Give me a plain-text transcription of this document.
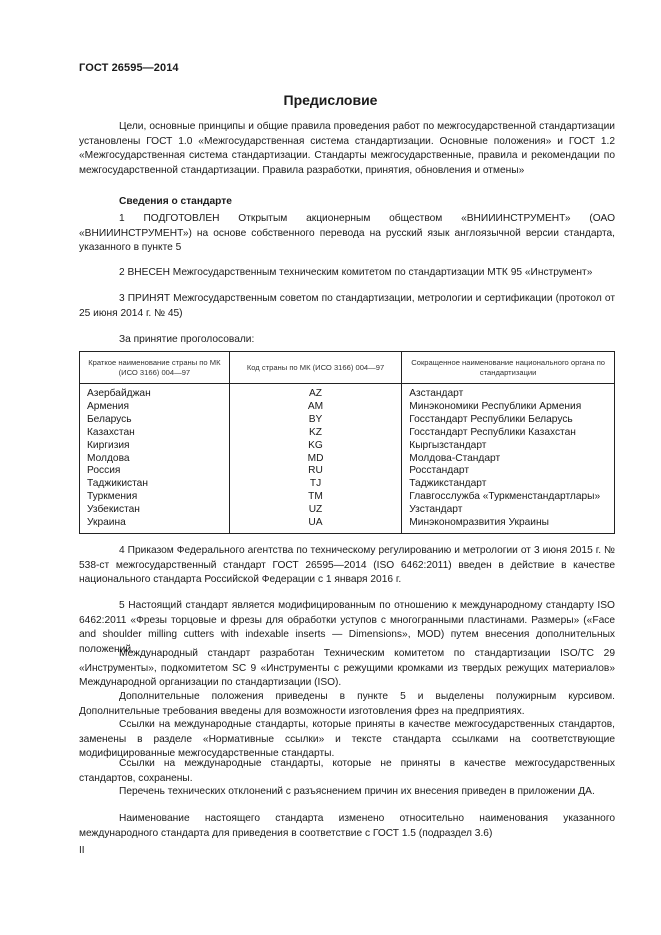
ГОСТ 26595—2014
Предисловие

Цели, основные принципы и общие правила проведения работ по межгосударственной стандартизации установлены ГОСТ 1.0 «Межгосударственная система стандартизации. Основные положения» и ГОСТ 1.2 «Межгосударственная система стандартизации. Стандарты межгосударственные, правила и рекомендации по межгосударственной стандартизации. Правила разработки, принятия, обновления и отмены»

Сведения о стандарте

1 ПОДГОТОВЛЕН Открытым акционерным обществом «ВНИИИНСТРУМЕНТ» (ОАО «ВНИИИНСТРУМЕНТ») на основе собственного перевода на русский язык англоязычной версии стандарта, указанного в пункте 5

2 ВНЕСЕН Межгосударственным техническим комитетом по стандартизации МТК 95 «Инструмент»

3 ПРИНЯТ Межгосударственным советом по стандартизации, метрологии и сертификации (протокол от 25 июня 2014 г. № 45)

За принятие проголосовали:

Краткое наименование страны по МК (ИСО 3166) 004—97	Код страны по МК (ИСО 3166) 004—97	Сокращенное наименование национального органа по стандартизации
Азербайджан	AZ	Азстандарт
Армения	AM	Минэкономики Республики Армения
Беларусь	BY	Госстандарт Республики Беларусь
Казахстан	KZ	Госстандарт Республики Казахстан
Киргизия	KG	Кыргызстандарт
Молдова	MD	Молдова-Стандарт
Россия	RU	Росстандарт
Таджикистан	TJ	Таджикстандарт
Туркмения	TM	Главгосслужба «Туркменстандартлары»
Узбекистан	UZ	Узстандарт
Украина	UA	Минэкономразвития Украины

4 Приказом Федерального агентства по техническому регулированию и метрологии от 3 июня 2015 г. № 538-ст межгосударственный стандарт ГОСТ 26595—2014 (ISO 6462:2011) введен в действие в качестве национального стандарта Российской Федерации с 1 января 2016 г.

5 Настоящий стандарт является модифицированным по отношению к международному стандарту ISO 6462:2011 «Фрезы торцовые и фрезы для обработки уступов с многогранными пластинами. Размеры» («Face and shoulder milling cutters with indexable inserts — Dimensions», MOD) путем внесения дополнительных положений.

Международный стандарт разработан Техническим комитетом по стандартизации ISO/TC 29 «Инструменты», подкомитетом SC 9 «Инструменты с режущими кромками из твердых режущих материалов» Международной организации по стандартизации (ISO).

Дополнительные положения приведены в пункте 5 и выделены полужирным курсивом. Дополнительные требования введены для возможности изготовления фрез на предприятиях.

Ссылки на международные стандарты, которые приняты в качестве межгосударственных стандартов, заменены в разделе «Нормативные ссылки» и тексте стандарта ссылками на соответствующие модифицированные межгосударственные стандарты.

Ссылки на международные стандарты, которые не приняты в качестве межгосударственных стандартов, сохранены.

Перечень технических отклонений с разъяснением причин их внесения приведен в приложении ДА.

Наименование настоящего стандарта изменено относительно наименования указанного международного стандарта для приведения в соответствие с ГОСТ 1.5 (подраздел 3.6)

II
